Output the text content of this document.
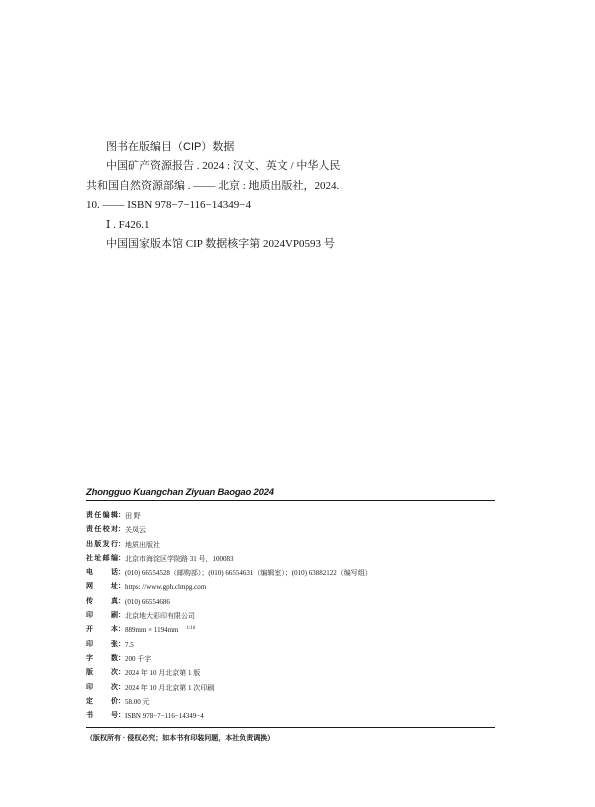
图书在版编目（CIP）数据
中国矿产资源报告 . 2024 : 汉文、英文 / 中华人民
共和国自然资源部编 . —— 北京 : 地质出版社，2024.
10. —— ISBN 978−7−116−14349−4
Ⅰ . F426.1
中国国家版本馆 CIP 数据核字第 2024VP0593 号
Zhongguo Kuangchan Ziyuan Baogao 2024
责 任 编 辑： 田 野
责 任 校 对： 关凤云
出 版 发 行： 地质出版社
社 址 邮 编： 北京市海淀区学院路 31 号，100083
电	话： (010) 66554528（邮购部）；(010) 66554631（编辑室）；(010) 63882122（编写组）
网	址： https: //www.gph.clmpg.com
传	真： (010) 66554686
印	刷： 北京地大彩印有限公司
开	本： 889mm × 1194mm $^{1/16}$
印	张： 7.5
字	数： 200 千字
版	次： 2024 年 10 月北京第 1 版
印	次： 2024 年 10 月北京第 1 次印刷
定	价： 58.00 元
书	号： ISBN 978−7−116−14349−4
（版权所有 · 侵权必究；如本书有印装问题，本社负责调换）
